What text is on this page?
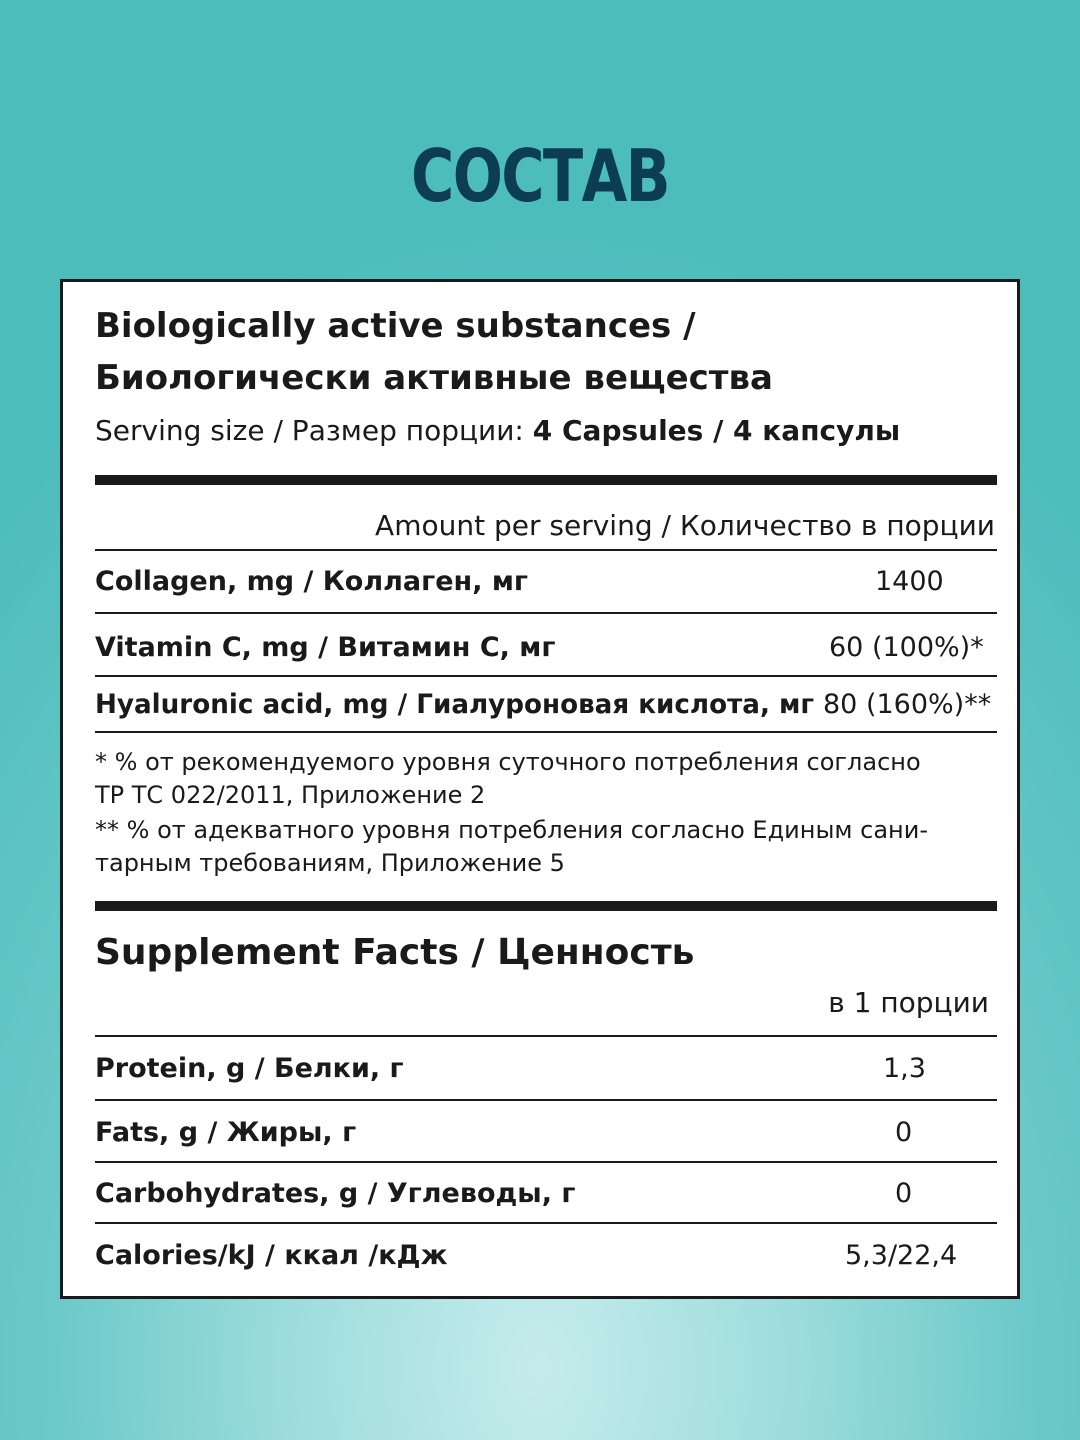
СОСТАВ
Biologically active substances /
Биологически активные вещества
Serving size / Размер порции: 4 Capsules / 4 капсулы
Amount per serving / Количество в порции
Collagen, mg / Коллаген, мг	1400
Vitamin C, mg / Витамин С, мг	60 (100%)*
Hyaluronic acid, mg / Гиалуроновая кислота, мг 80 (160%)**
* % от рекомендуемого уровня суточного потребления согласно
ТР ТС 022/2011, Приложение 2
** % от адекватного уровня потребления согласно Единым сани-
тарным требованиям, Приложение 5
Supplement Facts / Ценность
в 1 порции
Protein, g / Белки, г	1,3
Fats, g / Жиры, г	0
Carbohydrates, g / Углеводы, г	0
Calories/kJ / ккал /кДж	5,3/22,4
